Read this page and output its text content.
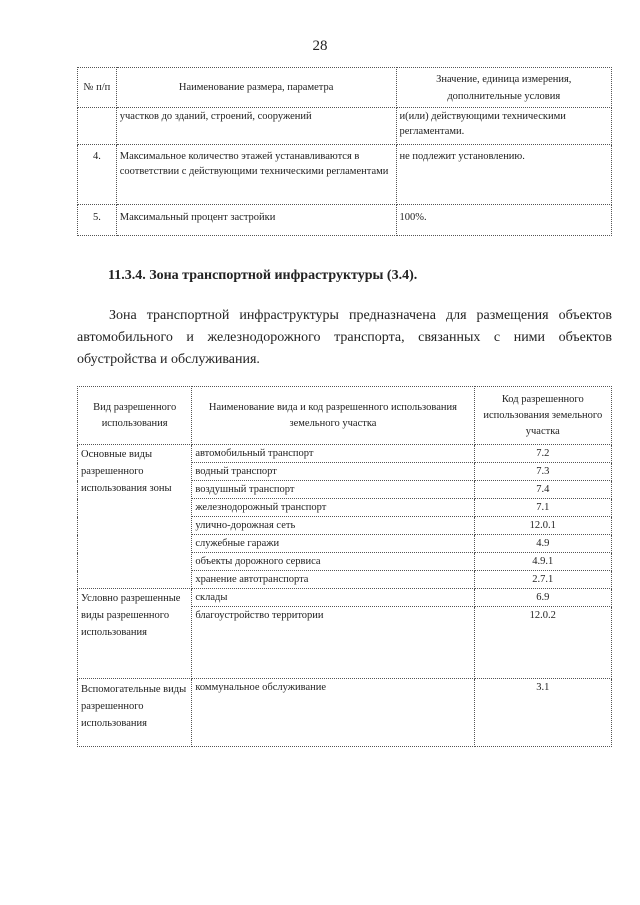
28
№ п/п	Наименование размера, параметра	Значение, единица измерения, дополнительные условия
	участков до зданий, строений, сооружений	и(или) действующими техническими регламентами.
4.	Максимальное количество этажей устанавливаются в соответствии с действующими техническими регламентами	не подлежит установлению.
5.	Максимальный процент застройки	100%.
11.3.4. Зона транспортной инфраструктуры (3.4).
Зона транспортной инфраструктуры предназначена для размещения объектов автомобильного и железнодорожного транспорта, связанных с ними объектов обустройства и обслуживания.
Вид разрешенного использования	Наименование вида и код разрешенного использования земельного участка	Код разрешенного использования земельного участка
Основные виды разрешенного использования зоны	автомобильный транспорт	7.2
	водный транспорт	7.3
	воздушный транспорт	7.4
	железнодорожный транспорт	7.1
	улично-дорожная сеть	12.0.1
	служебные гаражи	4.9
	объекты дорожного сервиса	4.9.1
	хранение автотранспорта	2.7.1
Условно разрешенные виды разрешенного использования	склады	6.9
	благоустройство территории	12.0.2
Вспомогательные виды разрешенного использования	коммунальное обслуживание	3.1
